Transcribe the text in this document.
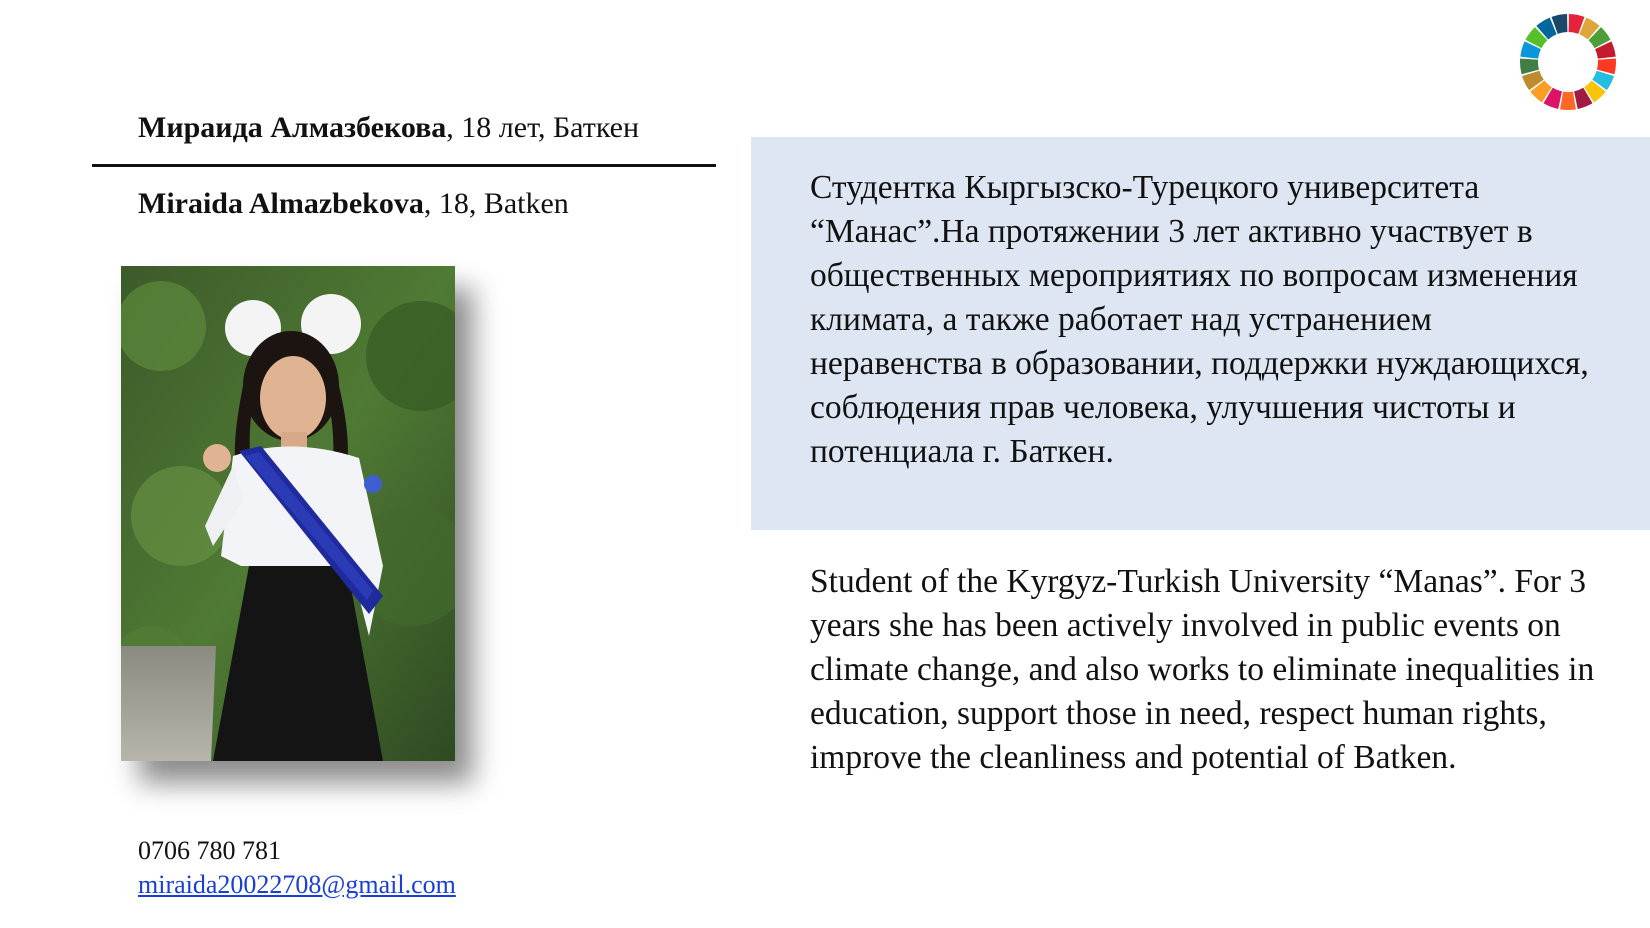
Мираида Алмазбекова, 18 лет, Баткен
Miraida Almazbekova, 18, Batken
0706 780 781
miraida20022708@gmail.com
Студентка Кыргызско-Турецкого университета “Манас”.На протяжении 3 лет активно участвует в общественных мероприятиях по вопросам изменения климата, а также работает над устранением неравенства в образовании, поддержки нуждающихся, соблюдения прав человека, улучшения чистоты и потенциала г. Баткен.
Student of the Kyrgyz-Turkish University “Manas”. For 3 years she has been actively involved in public events on climate change, and also works to eliminate inequalities in education, support those in need, respect human rights, improve the cleanliness and potential of Batken.
